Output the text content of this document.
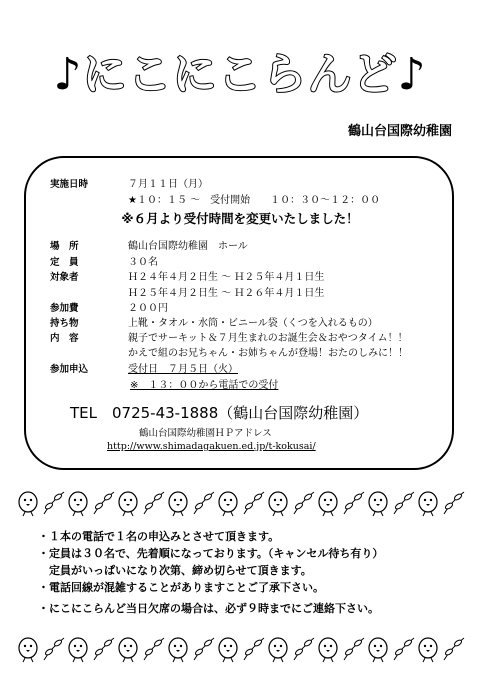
♪にこにこらんど♪
鶴山台国際幼稚園
実施日時	７月１１日（月）
★１０：１５ ～　受付開始　　１０：３０～１２：００
※６月より受付時間を変更いたしました！
場　所	鶴山台国際幼稚園　ホール
定　員	３０名
対象者	Ｈ２４年４月２日生 ～ Ｈ２５年４月１日生
Ｈ２５年４月２日生 ～ Ｈ２６年４月１日生
参加費	２００円
持ち物	上靴・タオル・水筒・ビニール袋（くつを入れるもの）
内　容	親子でサーキット＆７月生まれのお誕生会＆おやつタイム！！
かえで組のお兄ちゃん・お姉ちゃんが登場！おたのしみに！！
参加申込	受付日　７月５日（火）
※　１３：００から電話での受付
TEL　0725-43-1888（鶴山台国際幼稚園）
鶴山台国際幼稚園ＨＰアドレス
http://www.shimadagakuen.ed.jp/t-kokusai/
・１本の電話で１名の申込みとさせて頂きます。
・定員は３０名で、先着順になっております。（キャンセル待ち有り）
　定員がいっぱいになり次第、締め切らせて頂きます。
・電話回線が混雑することがありますことご了承下さい。
・にこにこらんど当日欠席の場合は、必ず９時までにご連絡下さい。
